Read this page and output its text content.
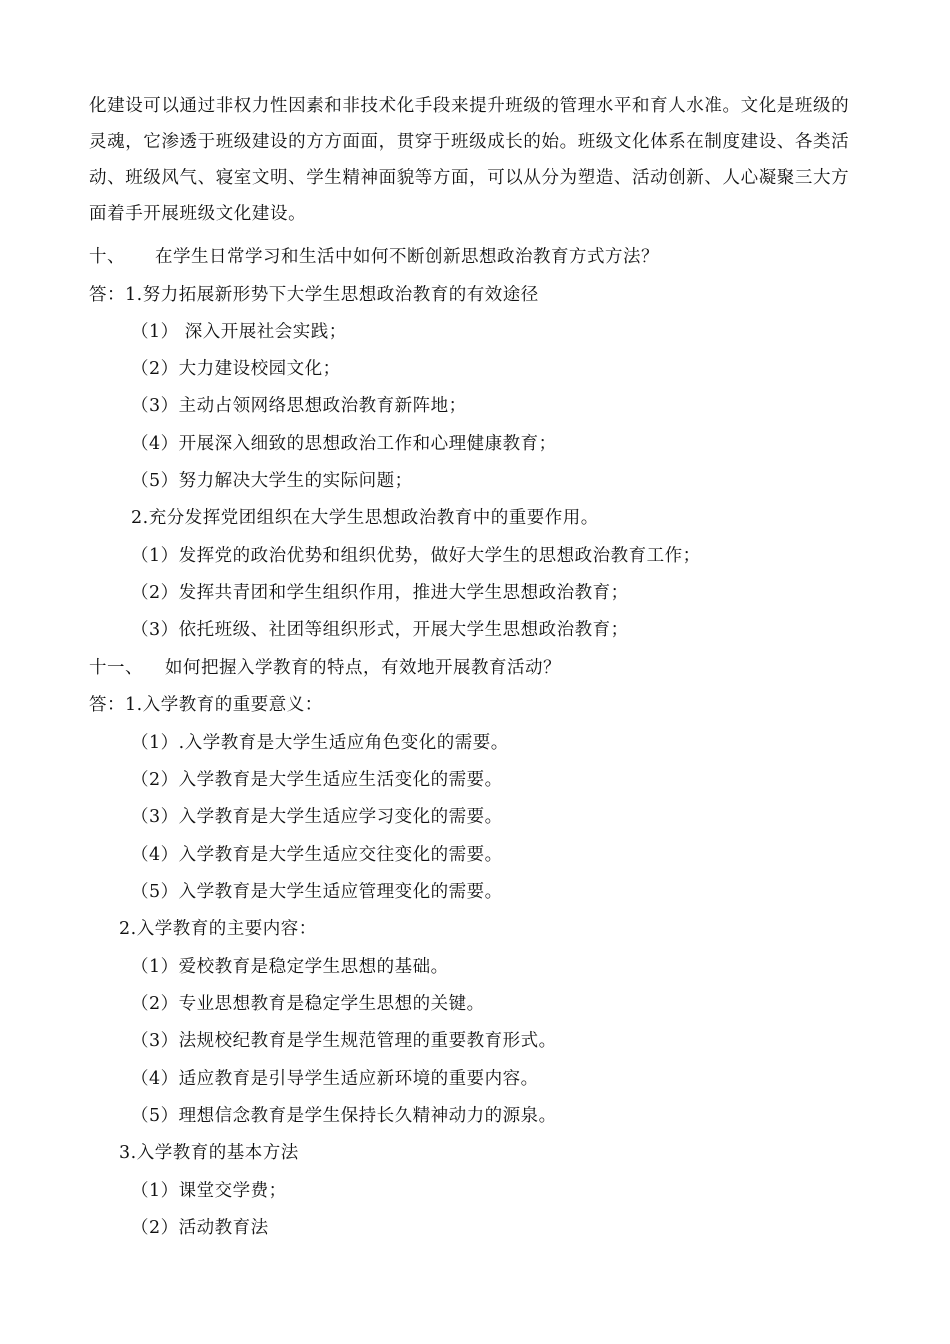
化建设可以通过非权力性因素和非技术化手段来提升班级的管理水平和育人水准。文化是班级的灵魂，它渗透于班级建设的方方面面，贯穿于班级成长的始。班级文化体系在制度建设、各类活动、班级风气、寝室文明、学生精神面貌等方面，可以从分为塑造、活动创新、人心凝聚三大方面着手开展班级文化建设。

十、 在学生日常学习和生活中如何不断创新思想政治教育方式方法？

答：1.努力拓展新形势下大学生思想政治教育的有效途径

（1） 深入开展社会实践；

（2）大力建设校园文化；

（3）主动占领网络思想政治教育新阵地；

（4）开展深入细致的思想政治工作和心理健康教育；

（5）努力解决大学生的实际问题；

2.充分发挥党团组织在大学生思想政治教育中的重要作用。

（1）发挥党的政治优势和组织优势，做好大学生的思想政治教育工作；

（2）发挥共青团和学生组织作用，推进大学生思想政治教育；

（3）依托班级、社团等组织形式，开展大学生思想政治教育；

十一、 如何把握入学教育的特点，有效地开展教育活动？

答：1.入学教育的重要意义：

（1）.入学教育是大学生适应角色变化的需要。

（2）入学教育是大学生适应生活变化的需要。

（3）入学教育是大学生适应学习变化的需要。

（4）入学教育是大学生适应交往变化的需要。

（5）入学教育是大学生适应管理变化的需要。

2.入学教育的主要内容：

（1）爱校教育是稳定学生思想的基础。

（2）专业思想教育是稳定学生思想的关键。

（3）法规校纪教育是学生规范管理的重要教育形式。

（4）适应教育是引导学生适应新环境的重要内容。

（5）理想信念教育是学生保持长久精神动力的源泉。

3.入学教育的基本方法

（1）课堂交学费；

（2）活动教育法
